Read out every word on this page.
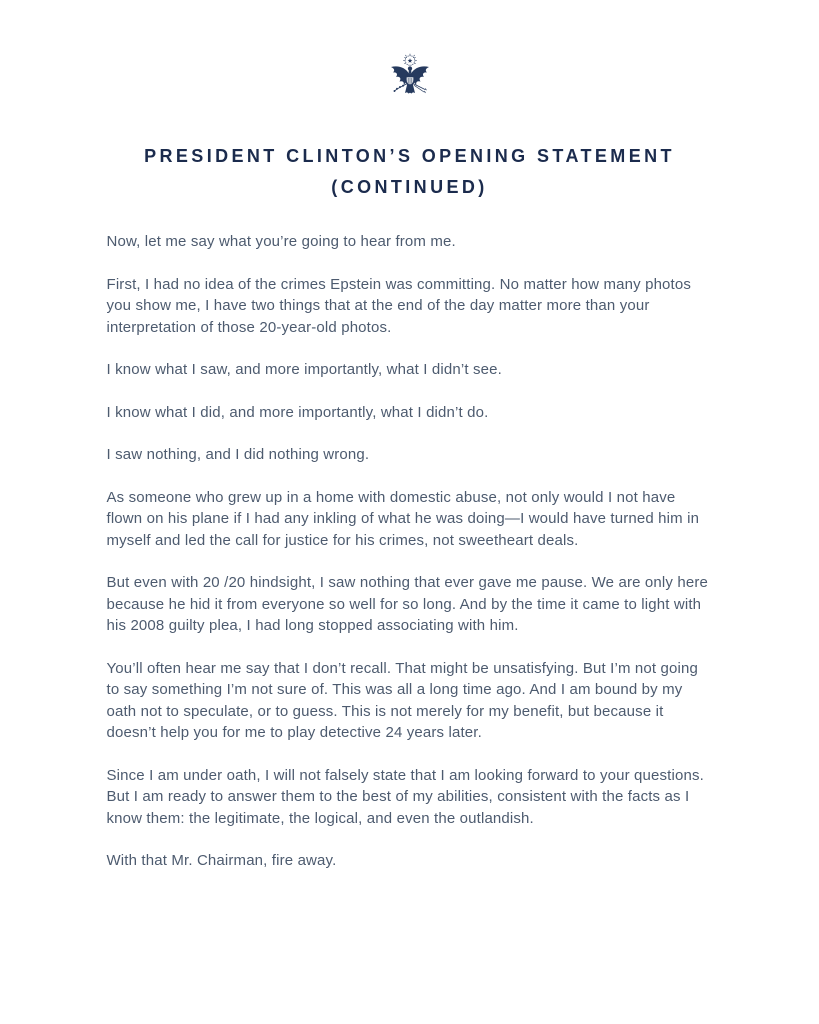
PRESIDENT CLINTON’S OPENING STATEMENT
(CONTINUED)

Now, let me say what you’re going to hear from me.

First, I had no idea of the crimes Epstein was committing. No matter how many photos you show me, I have two things that at the end of the day matter more than your interpretation of those 20-year-old photos.

I know what I saw, and more importantly, what I didn’t see.

I know what I did, and more importantly, what I didn’t do.

I saw nothing, and I did nothing wrong.

As someone who grew up in a home with domestic abuse, not only would I not have flown on his plane if I had any inkling of what he was doing—I would have turned him in myself and led the call for justice for his crimes, not sweetheart deals.

But even with 20 /20 hindsight, I saw nothing that ever gave me pause. We are only here because he hid it from everyone so well for so long. And by the time it came to light with his 2008 guilty plea, I had long stopped associating with him.

You’ll often hear me say that I don’t recall. That might be unsatisfying. But I’m not going to say something I’m not sure of. This was all a long time ago. And I am bound by my oath not to speculate, or to guess. This is not merely for my benefit, but because it doesn’t help you for me to play detective 24 years later.

Since I am under oath, I will not falsely state that I am looking forward to your questions. But I am ready to answer them to the best of my abilities, consistent with the facts as I know them: the legitimate, the logical, and even the outlandish.

With that Mr. Chairman, fire away.
